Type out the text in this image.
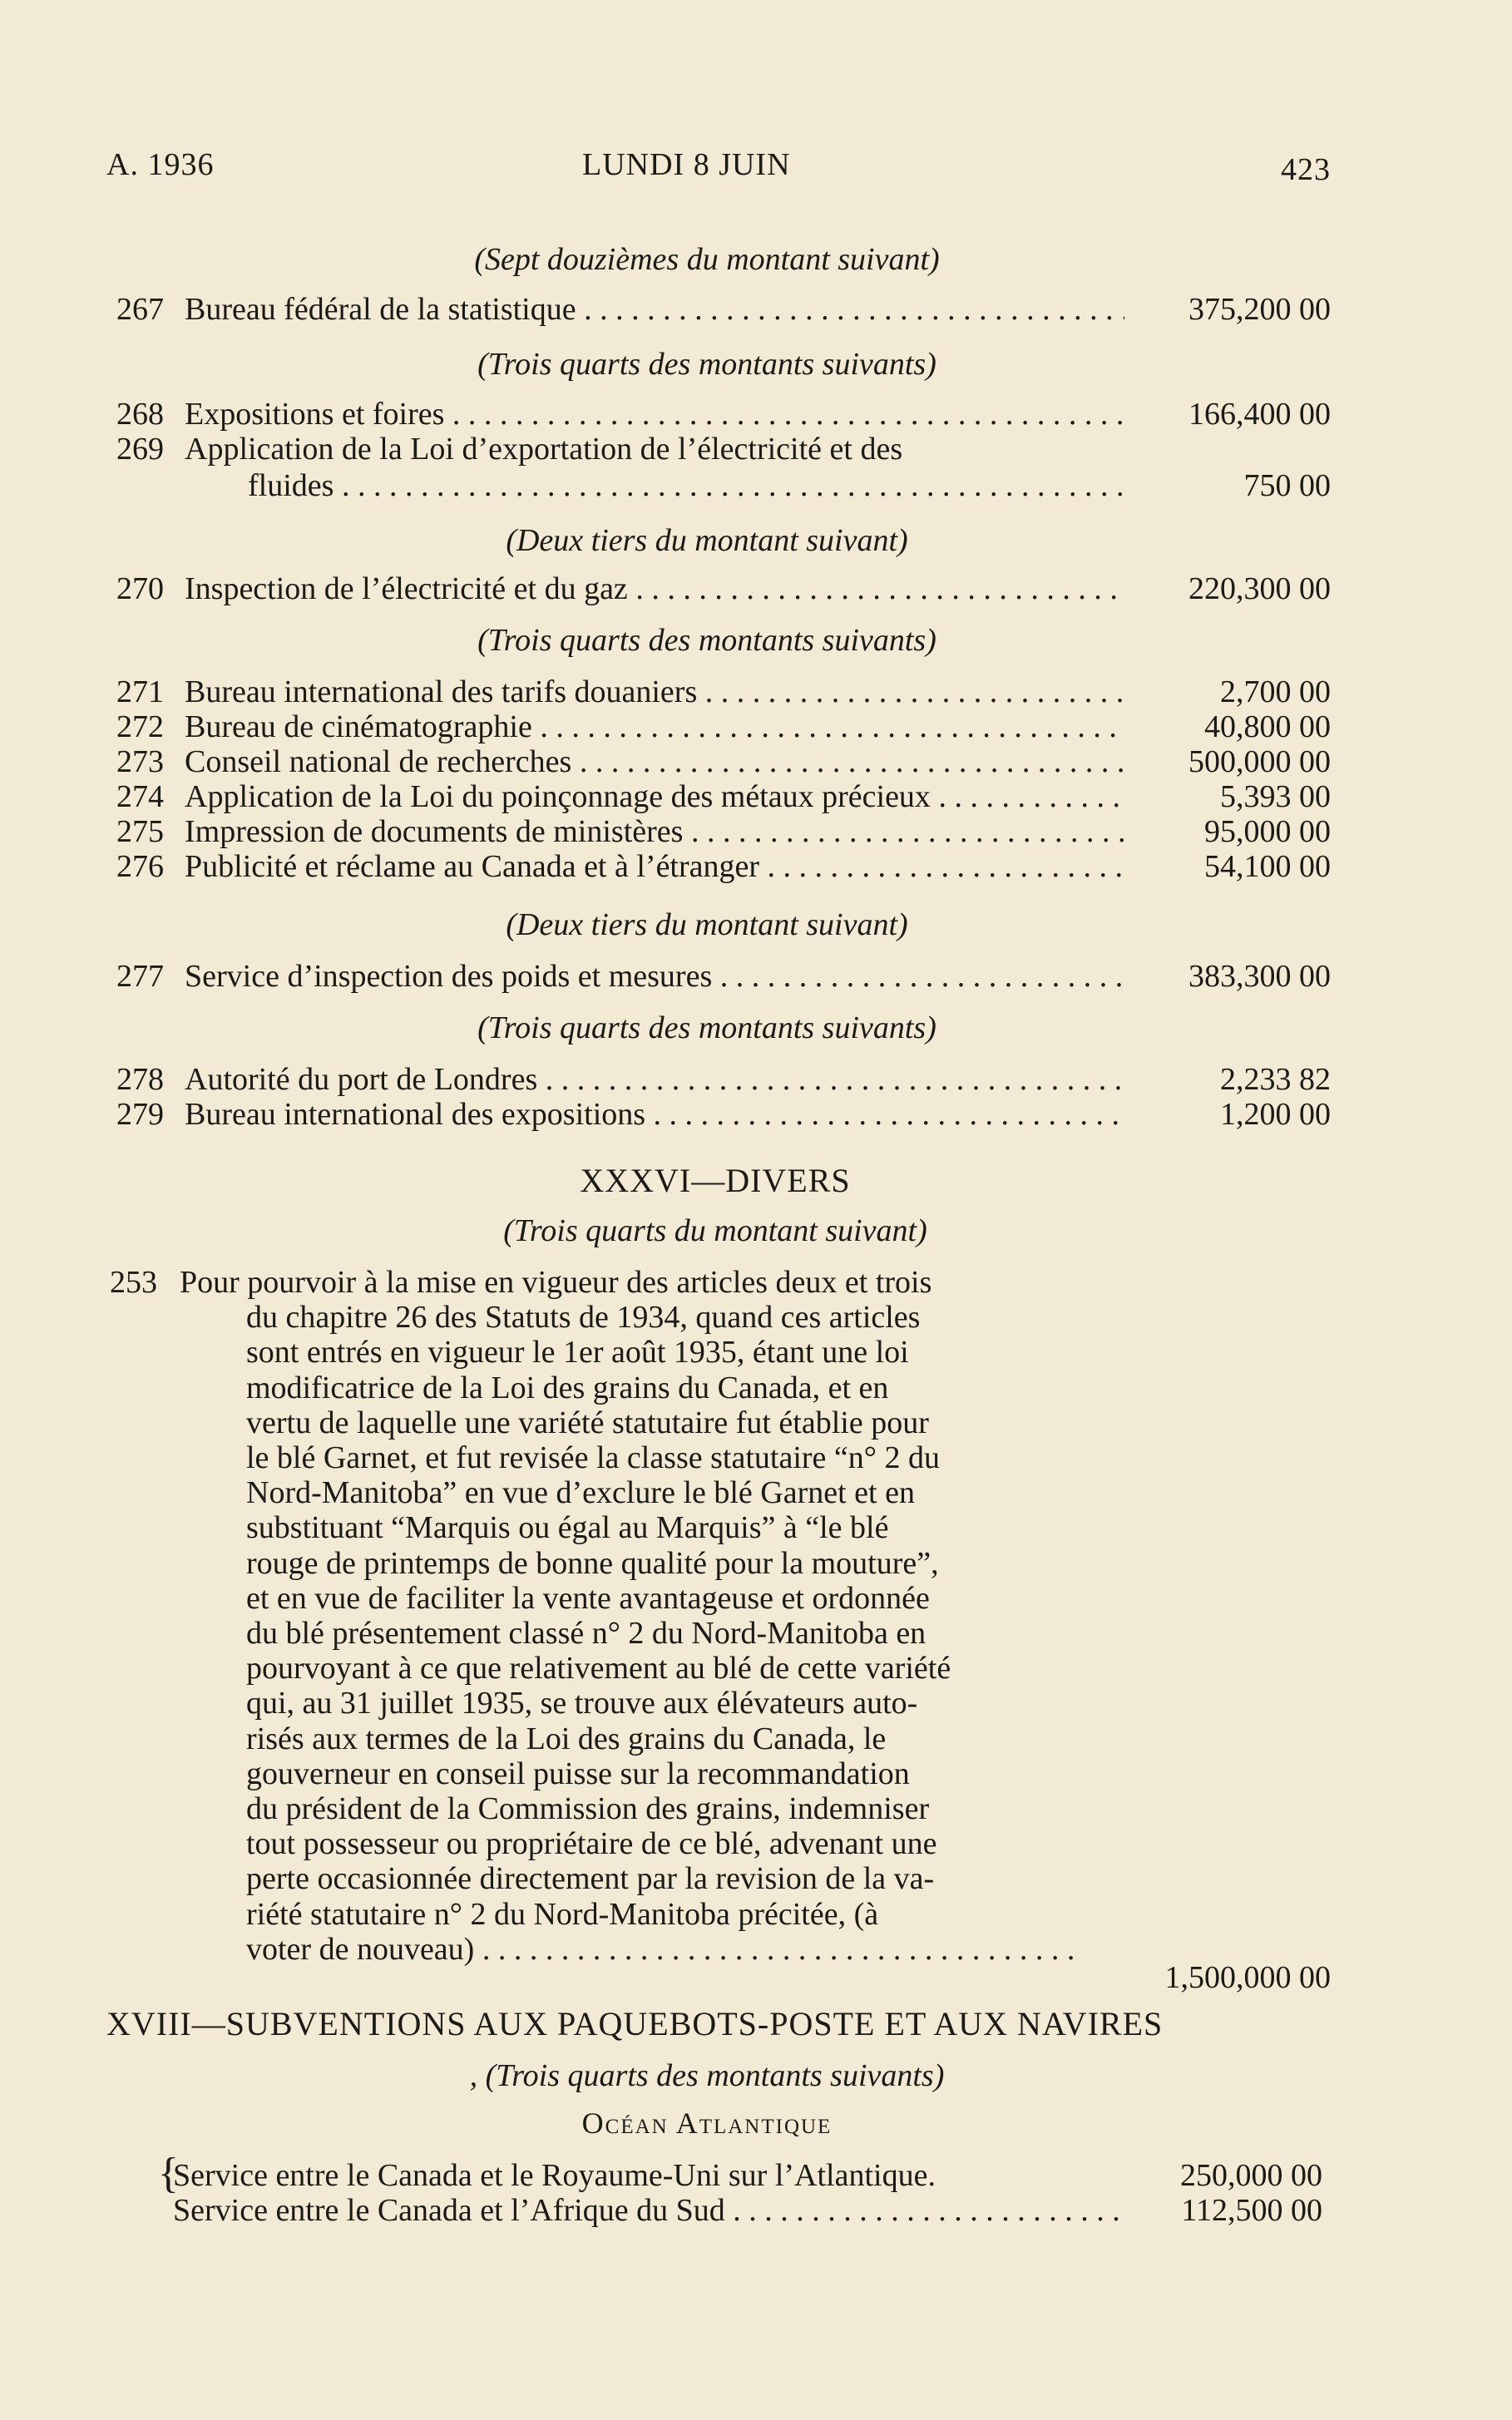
A. 1936	LUNDI 8 JUIN	423
(Sept douzièmes du montant suivant)
267 Bureau fédéral de la statistique . . .	375,200 00
(Trois quarts des montants suivants)
268 Expositions et foires . . .	166,400 00
269 Application de la Loi d’exportation de l’électricité et des
fluides . . .	750 00
(Deux tiers du montant suivant)
270 Inspection de l’électricité et du gaz . . .	220,300 00
(Trois quarts des montants suivants)
271 Bureau international des tarifs douaniers . . .	2,700 00
272 Bureau de cinématographie . . .	40,800 00
273 Conseil national de recherches . . .	500,000 00
274 Application de la Loi du poinçonnage des métaux précieux . . .	5,393 00
275 Impression de documents de ministères . . .	95,000 00
276 Publicité et réclame au Canada et à l’étranger . . .	54,100 00
(Deux tiers du montant suivant)
277 Service d’inspection des poids et mesures . . .	383,300 00
(Trois quarts des montants suivants)
278 Autorité du port de Londres . . .	2,233 82
279 Bureau international des expositions . . .	1,200 00
XXXVI—DIVERS
(Trois quarts du montant suivant)
253 Pour pourvoir à la mise en vigueur des articles deux et trois
du chapitre 26 des Statuts de 1934, quand ces articles
sont entrés en vigueur le 1er août 1935, étant une loi
modificatrice de la Loi des grains du Canada, et en
vertu de laquelle une variété statutaire fut établie pour
le blé Garnet, et fut revisée la classe statutaire “n° 2 du
Nord-Manitoba” en vue d’exclure le blé Garnet et en
substituant “Marquis ou égal au Marquis” à “le blé
rouge de printemps de bonne qualité pour la mouture”,
et en vue de faciliter la vente avantageuse et ordonnée
du blé présentement classé n° 2 du Nord-Manitoba en
pourvoyant à ce que relativement au blé de cette variété
qui, au 31 juillet 1935, se trouve aux élévateurs auto-
risés aux termes de la Loi des grains du Canada, le
gouverneur en conseil puisse sur la recommandation
du président de la Commission des grains, indemniser
tout possesseur ou propriétaire de ce blé, advenant une
perte occasionnée directement par la revision de la va-
riété statutaire n° 2 du Nord-Manitoba précitée, (à
voter de nouveau) . . . . . . . . . . . . . . . . . . . . . . . . . . . . . . . . . . . . . .
1,500,000 00
XVIII—SUBVENTIONS AUX PAQUEBOTS-POSTE ET AUX NAVIRES
, (Trois quarts des montants suivants)
Océan Atlantique
{
Service entre le Canada et le Royaume-Uni sur l’Atlantique.	250,000 00
Service entre le Canada et l’Afrique du Sud . . .	112,500 00
